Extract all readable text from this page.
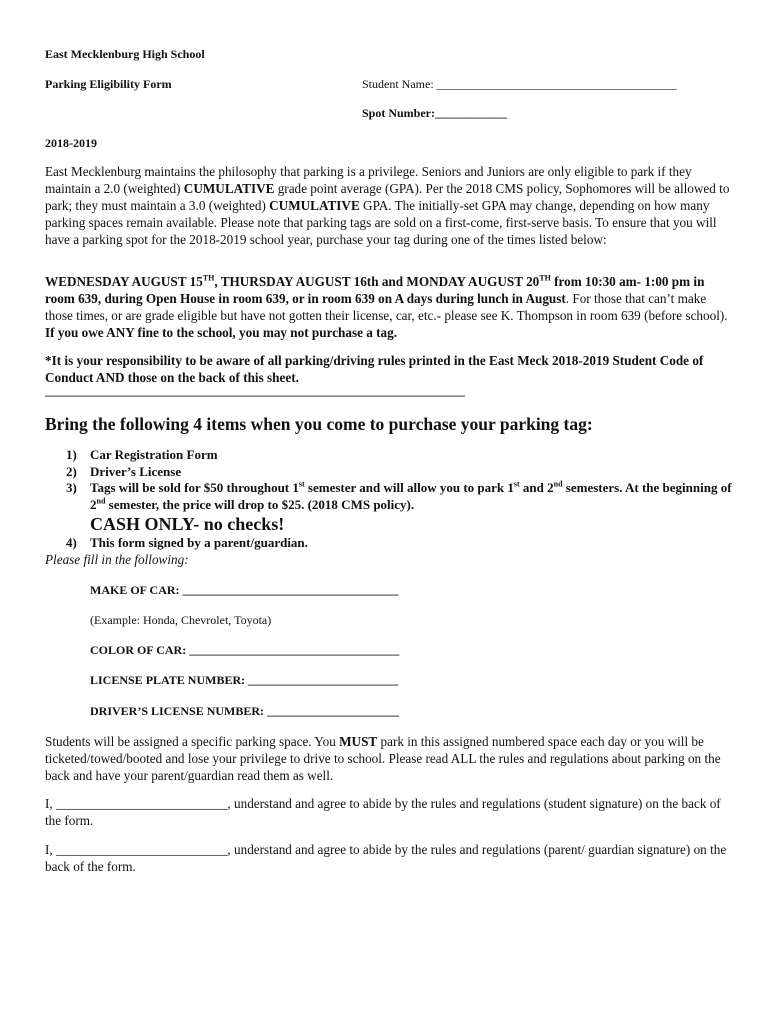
East Mecklenburg High School
Parking Eligibility Form	Student Name: ________________________________________
Spot Number:____________
2018-2019
East Mecklenburg maintains the philosophy that parking is a privilege. Seniors and Juniors are only eligible to park if they maintain a 2.0 (weighted) CUMULATIVE grade point average (GPA). Per the 2018 CMS policy, Sophomores will be allowed to park; they must maintain a 3.0 (weighted) CUMULATIVE GPA. The initially-set GPA may change, depending on how many parking spaces remain available. Please note that parking tags are sold on a first-come, first-serve basis. To ensure that you will have a parking spot for the 2018-2019 school year, purchase your tag during one of the times listed below:
WEDNESDAY AUGUST 15TH, THURSDAY AUGUST 16th and MONDAY AUGUST 20TH from 10:30 am- 1:00 pm in room 639, during Open House in room 639, or in room 639 on A days during lunch in August. For those that can’t make those times, or are grade eligible but have not gotten their license, car, etc.- please see K. Thompson in room 639 (before school). If you owe ANY fine to the school, you may not purchase a tag.
*It is your responsibility to be aware of all parking/driving rules printed in the East Meck 2018-2019 Student Code of Conduct AND those on the back of this sheet.
______________________________________________________________________
Bring the following 4 items when you come to purchase your parking tag:
1) Car Registration Form
2) Driver’s License
3)	Tags will be sold for $50 throughout 1st semester and will allow you to park 1st and 2nd semesters. At the beginning of 2nd semester, the price will drop to $25. (2018 CMS policy).
CASH ONLY- no checks!
4) This form signed by a parent/guardian.
Please fill in the following:
MAKE OF CAR: ____________________________________
(Example: Honda, Chevrolet, Toyota)
COLOR OF CAR: ___________________________________
LICENSE PLATE NUMBER: _________________________
DRIVER’S LICENSE NUMBER: ______________________
Students will be assigned a specific parking space. You MUST park in this assigned numbered space each day or you will be ticketed/towed/booted and lose your privilege to drive to school. Please read ALL the rules and regulations about parking on the back and have your parent/guardian read them as well.
I, __________________________, understand and agree to abide by the rules and regulations (student signature) on the back of the form.
I, __________________________, understand and agree to abide by the rules and regulations (parent/ guardian signature) on the back of the form.
